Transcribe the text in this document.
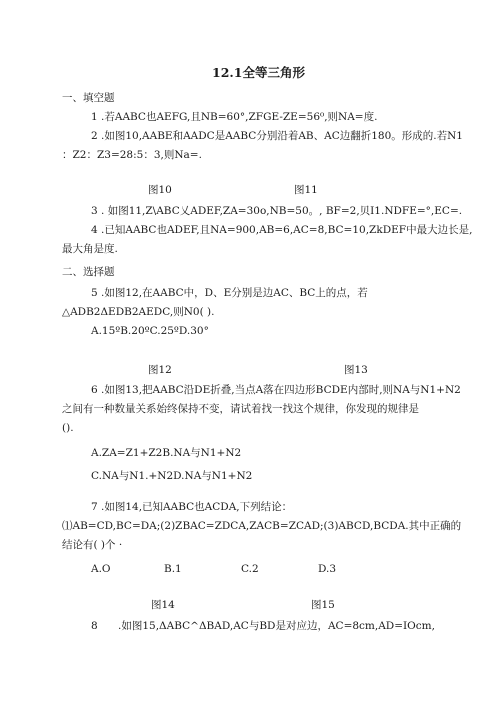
12.1全等三角形
一、填空题
1 .若AABC也AEFG,且NB=60°,ZFGE-ZE=56⁰,则NA=度.
2 .如图10,AABE和AADC是AABC分别沿着AB、AC边翻折180。形成的.若N1
：Z2：Z3=28:5：3,则Na=.
图10	图11
3 . 如图11,Z\ABC乂ADEF,ZA=30o,NB=50。, BF=2,贝I1.NDFE=°,EC=.
4 .已知AABC也ADEF,且NA=900,AB=6,AC=8,BC=10,ZkDEF中最大边长是,
最大角是度.
二、选择题
5 .如图12,在AABC中，D、E分别是边AC、BC上的点，若
△ADB2ΔEDB2AEDC,则N0( ).
A.15ºB.20ºC.25ºD.30°
图12	图13
6 .如图13,把AABC沿DE折叠,当点A落在四边形BCDE内部时,则NA与N1+N2
之间有一种数量关系始终保持不变，请试着找一找这个规律，你发现的规律是
().
A.ZA=Z1+Z2B.NA与N1+N2
C.NA与N1.+N2D.NA与N1+N2
7 .如图14,已知AABC也ACDA,下列结论：
⑴AB=CD,BC=DA;(2)ZBAC=ZDCA,ZACB=ZCAD;(3)ABCD,BCDA.其中正确的
结论有( )个 ·
A.O	B.1	C.2	D.3
图14	图15
8 .如图15,ΔABC^ΔBAD,AC与BD是对应边，AC=8cm,AD=IOcm,
